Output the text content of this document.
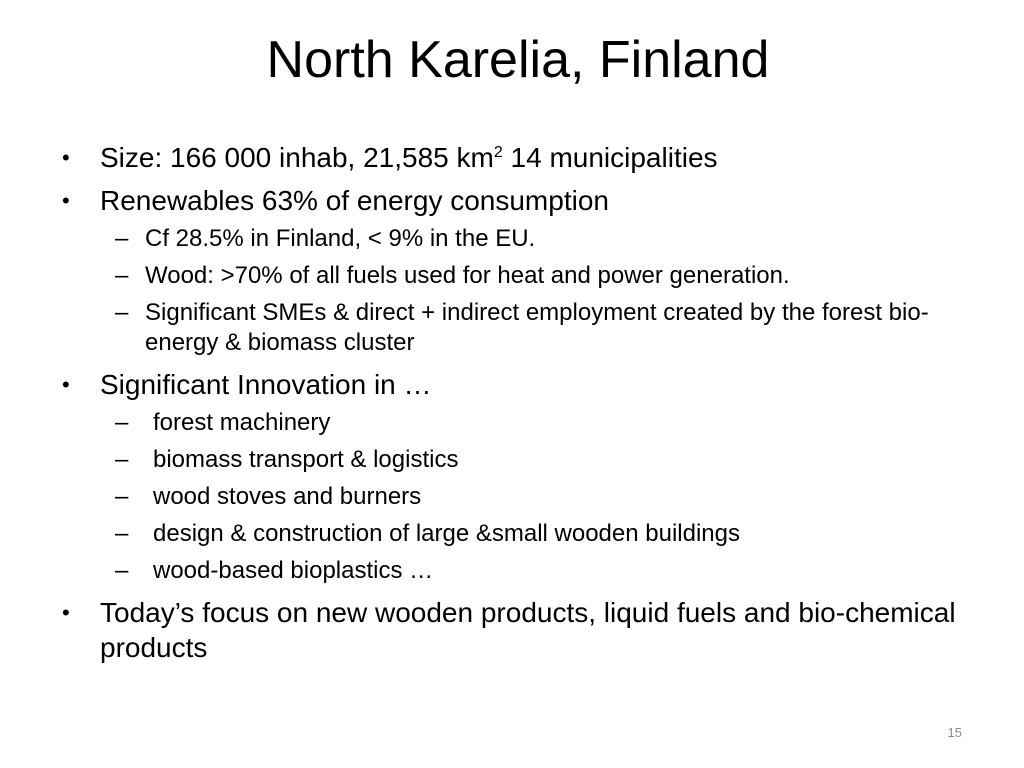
North Karelia, Finland
• Size: 166 000 inhab, 21,585 $km^2$ 14 municipalities
• Renewables 63% of energy consumption
– Cf 28.5% in Finland, < 9% in the EU.
– Wood: >70% of all fuels used for heat and power generation.
– Significant SMEs & direct + indirect employment created by the forest bio-energy & biomass cluster
• Significant Innovation in …
– forest machinery
– biomass transport & logistics
– wood stoves and burners
– design & construction of large &small wooden buildings
– wood-based bioplastics …
• Today’s focus on new wooden products, liquid fuels and bio-chemical products
15
